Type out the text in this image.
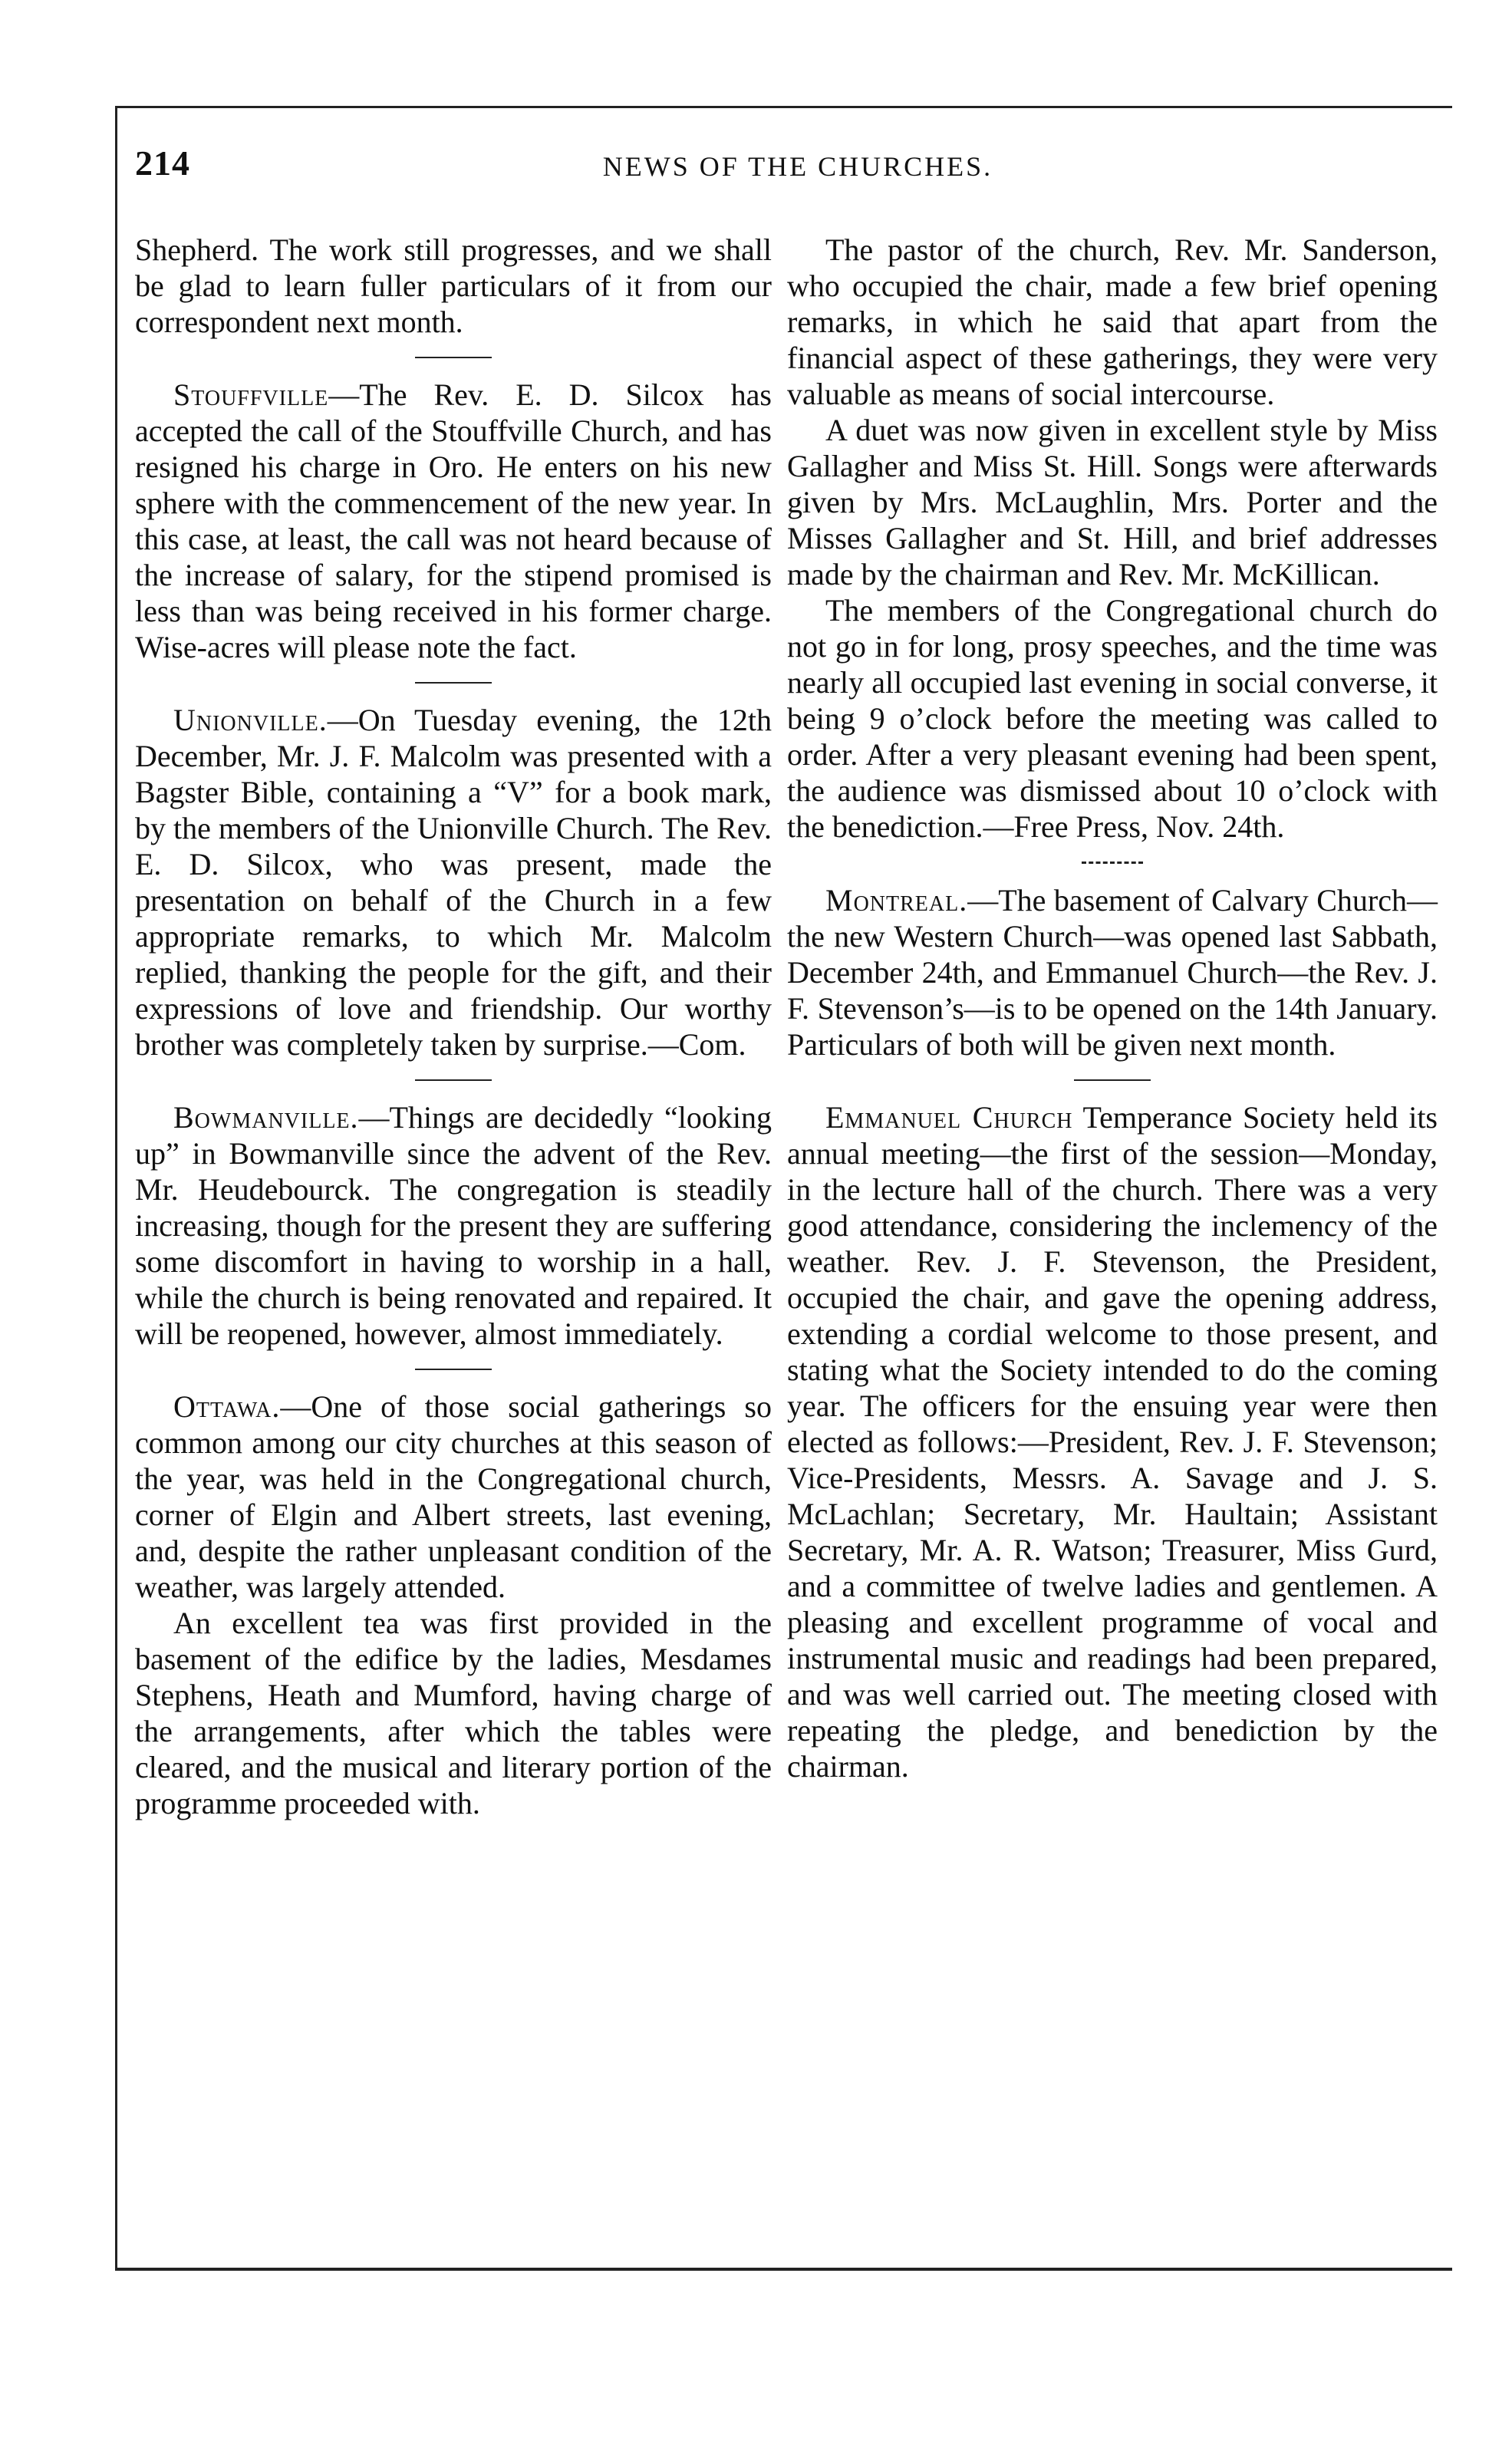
214	NEWS OF THE CHURCHES.

Shepherd. The work still progresses, and we shall be glad to learn fuller particulars of it from our correspondent next month.

Stouffville—The Rev. E. D. Silcox has accepted the call of the Stouffville Church, and has resigned his charge in Oro. He enters on his new sphere with the commencement of the new year. In this case, at least, the call was not heard because of the increase of salary, for the stipend promised is less than was being received in his former charge. Wise-acres will please note the fact.

Unionville.—On Tuesday evening, the 12th December, Mr. J. F. Malcolm was presented with a Bagster Bible, containing a “V” for a book mark, by the members of the Unionville Church. The Rev. E. D. Silcox, who was present, made the presentation on behalf of the Church in a few appropriate remarks, to which Mr. Malcolm replied, thanking the people for the gift, and their expressions of love and friendship. Our worthy brother was completely taken by surprise.—Com.

Bowmanville.—Things are decidedly “looking up” in Bowmanville since the advent of the Rev. Mr. Heudebourck. The congregation is steadily increasing, though for the present they are suffering some discomfort in having to worship in a hall, while the church is being renovated and repaired. It will be reopened, however, almost immediately.

Ottawa.—One of those social gatherings so common among our city churches at this season of the year, was held in the Congregational church, corner of Elgin and Albert streets, last evening, and, despite the rather unpleasant condition of the weather, was largely attended.

An excellent tea was first provided in the basement of the edifice by the ladies, Mesdames Stephens, Heath and Mumford, having charge of the arrangements, after which the tables were cleared, and the musical and literary portion of the programme proceeded with.

The pastor of the church, Rev. Mr. Sanderson, who occupied the chair, made a few brief opening remarks, in which he said that apart from the financial aspect of these gatherings, they were very valuable as means of social intercourse.

A duet was now given in excellent style by Miss Gallagher and Miss St. Hill. Songs were afterwards given by Mrs. McLaughlin, Mrs. Porter and the Misses Gallagher and St. Hill, and brief addresses made by the chairman and Rev. Mr. McKillican.

The members of the Congregational church do not go in for long, prosy speeches, and the time was nearly all occupied last evening in social converse, it being 9 o’clock before the meeting was called to order. After a very pleasant evening had been spent, the audience was dismissed about 10 o’clock with the benediction.—Free Press, Nov. 24th.

Montreal.—The basement of Calvary Church—the new Western Church—was opened last Sabbath, December 24th, and Emmanuel Church—the Rev. J. F. Stevenson’s—is to be opened on the 14th January. Particulars of both will be given next month.

Emmanuel Church Temperance Society held its annual meeting—the first of the session—Monday, in the lecture hall of the church. There was a very good attendance, considering the inclemency of the weather. Rev. J. F. Stevenson, the President, occupied the chair, and gave the opening address, extending a cordial welcome to those present, and stating what the Society intended to do the coming year. The officers for the ensuing year were then elected as follows:—President, Rev. J. F. Stevenson; Vice-Presidents, Messrs. A. Savage and J. S. McLachlan; Secretary, Mr. Haultain; Assistant Secretary, Mr. A. R. Watson; Treasurer, Miss Gurd, and a committee of twelve ladies and gentlemen. A pleasing and excellent programme of vocal and instrumental music and readings had been prepared, and was well carried out. The meeting closed with repeating the pledge, and benediction by the chairman.
